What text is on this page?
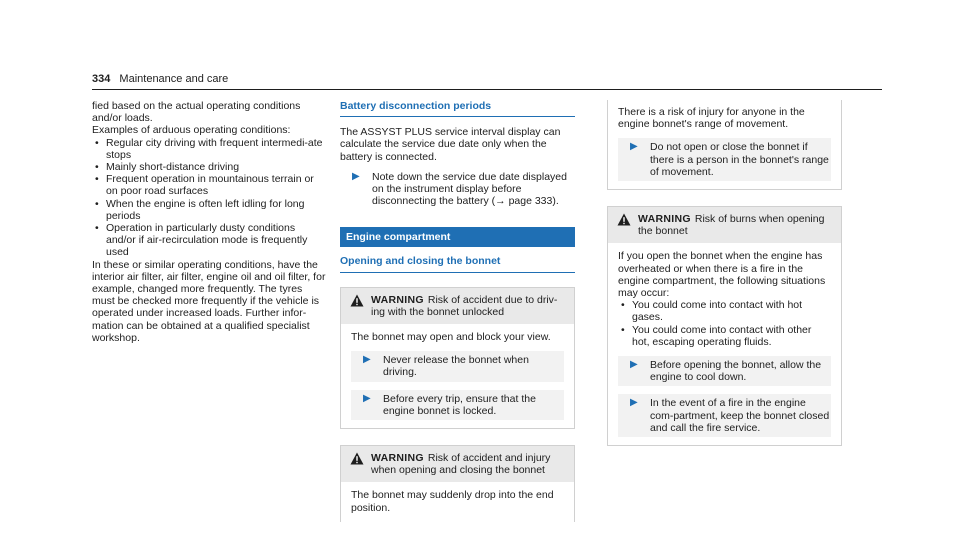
334 Maintenance and care

fied based on the actual operating conditions and/or loads.

Examples of arduous operating conditions:

• Regular city driving with frequent intermedi-ate stops
• Mainly short-distance driving
• Frequent operation in mountainous terrain or on poor road surfaces
• When the engine is often left idling for long periods
• Operation in particularly dusty conditions and/or if air-recirculation mode is frequently used

In these or similar operating conditions, have the interior air filter, air filter, engine oil and oil filter, for example, changed more frequently. The tyres must be checked more frequently if the vehicle is operated under increased loads. Further infor-mation can be obtained at a qualified specialist workshop.

Battery disconnection periods

The ASSYST PLUS service interval display can calculate the service due date only when the battery is connected.

▶	Note down the service due date displayed on the instrument display before disconnecting the battery (→ page 333).
Engine compartment
Opening and closing the bonnet
WARNING Risk of accident due to driv-ing with the bonnet unlocked

The bonnet may open and block your view.

▶	Never release the bonnet when driving.
▶	Before every trip, ensure that the engine bonnet is locked.
WARNING Risk of accident and injury when opening and closing the bonnet

The bonnet may suddenly drop into the end position.

There is a risk of injury for anyone in the engine bonnet's range of movement.

▶	Do not open or close the bonnet if there is a person in the bonnet's range of movement.
WARNING Risk of burns when opening the bonnet

If you open the bonnet when the engine has overheated or when there is a fire in the engine compartment, the following situations may occur:

• You could come into contact with hot gases.
• You could come into contact with other hot, escaping operating fluids.
▶	Before opening the bonnet, allow the engine to cool down.
▶	In the event of a fire in the engine com-partment, keep the bonnet closed and call the fire service.
